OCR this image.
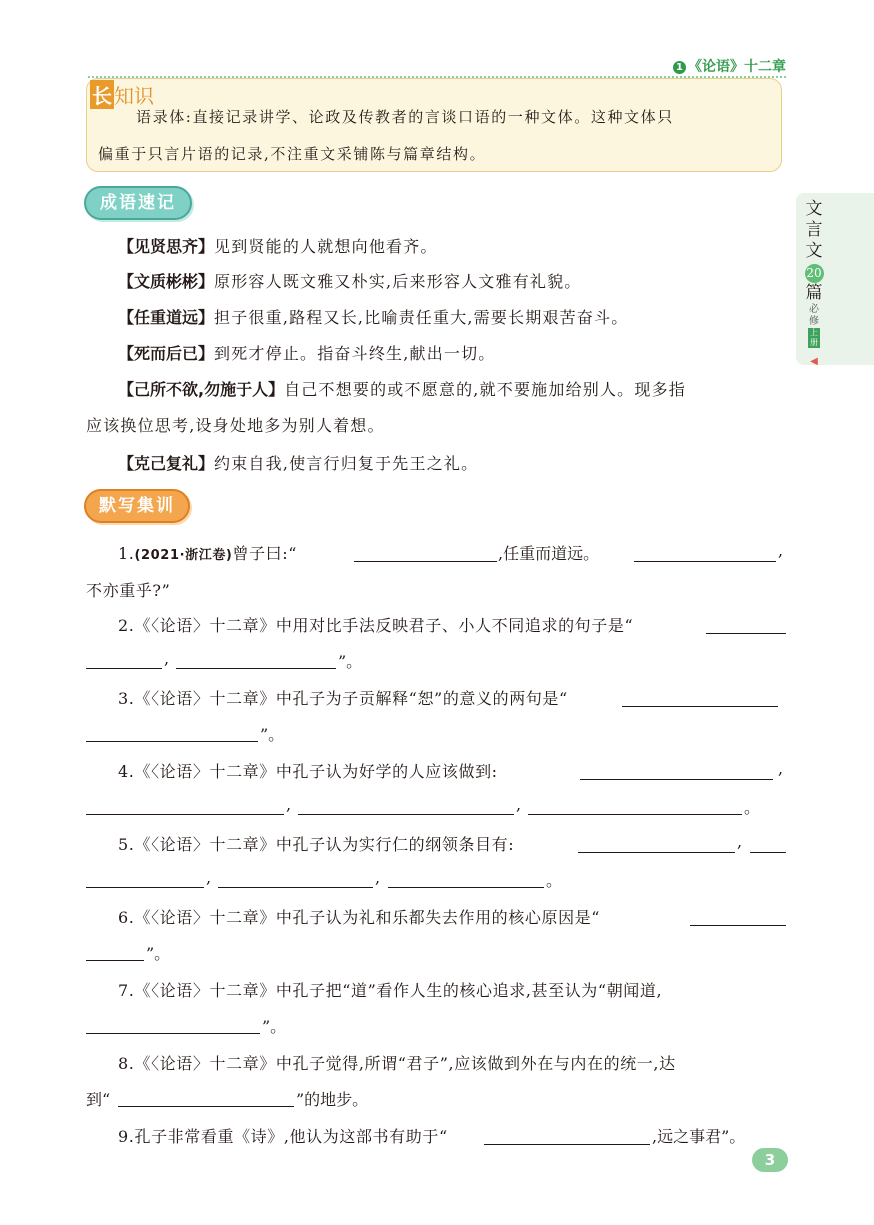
1 《论语》十二章
长 知识
语录体:直接记录讲学、论政及传教者的言谈口语的一种文体。这种文体只
偏重于只言片语的记录,不注重文采铺陈与篇章结构。
成语速记
【见贤思齐】见到贤能的人就想向他看齐。
【文质彬彬】原形容人既文雅又朴实,后来形容人文雅有礼貌。
【任重道远】担子很重,路程又长,比喻责任重大,需要长期艰苦奋斗。
【死而后已】到死才停止。指奋斗终生,献出一切。
【己所不欲,勿施于人】自己不想要的或不愿意的,就不要施加给别人。现多指
应该换位思考,设身处地多为别人着想。
【克己复礼】约束自我,使言行归复于先王之礼。
默写集训
1.(2021·浙江卷)曾子曰:“	,任重而道远。	,
不亦重乎?”
2.《〈论语〉十二章》中用对比手法反映君子、小人不同追求的句子是“
,	”。
3.《〈论语〉十二章》中孔子为子贡解释“恕”的意义的两句是“
”。
4.《〈论语〉十二章》中孔子认为好学的人应该做到:	,
,	,	。
5.《〈论语〉十二章》中孔子认为实行仁的纲领条目有:	,
,	,	。
6.《〈论语〉十二章》中孔子认为礼和乐都失去作用的核心原因是“
”。
7.《〈论语〉十二章》中孔子把“道”看作人生的核心追求,甚至认为“朝闻道,
”。
8.《〈论语〉十二章》中孔子觉得,所谓“君子”,应该做到外在与内在的统一,达
到“	”的地步。
9.孔子非常看重《诗》,他认为这部书有助于“	,远之事君”。
文
言
文
20
篇
必
修
上
册
◀
3
